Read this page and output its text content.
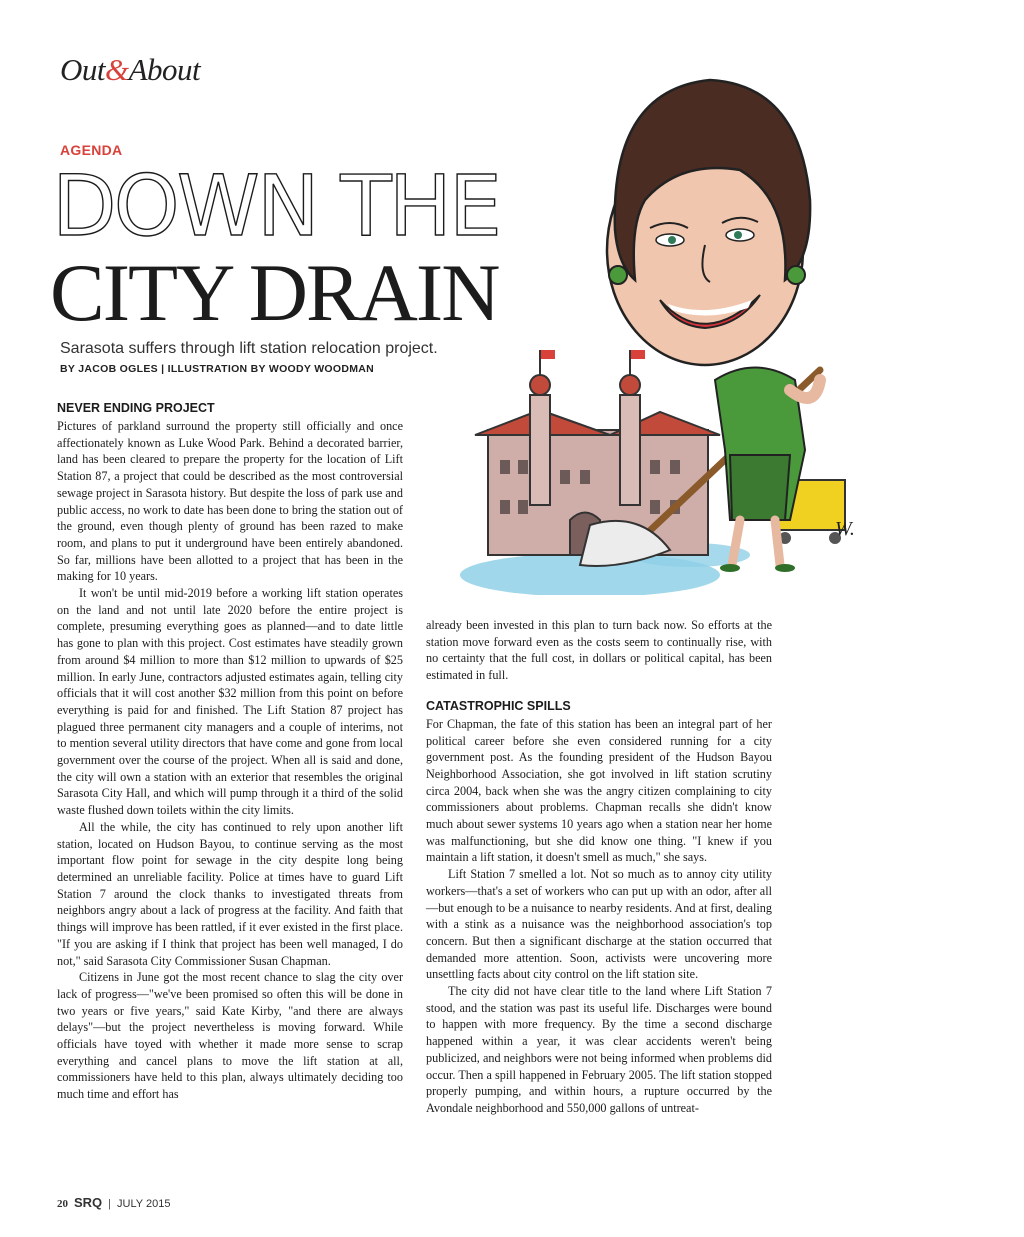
Out&About
AGENDA
DOWN THE
CITY DRAIN
Sarasota suffers through lift station relocation project.
BY JACOB OGLES | ILLUSTRATION BY WOODY WOODMAN
W.
NEVER ENDING PROJECT

Pictures of parkland surround the property still officially and once affectionately known as Luke Wood Park. Behind a decorated barrier, land has been cleared to prepare the property for the location of Lift Station 87, a project that could be described as the most controversial sewage project in Sarasota history. But despite the loss of park use and public access, no work to date has been done to bring the station out of the ground, even though plenty of ground has been razed to make room, and plans to put it underground have been entirely abandoned. So far, millions have been allotted to a project that has been in the making for 10 years.

It won't be until mid-2019 before a working lift station operates on the land and not until late 2020 before the entire project is complete, presuming everything goes as planned—and to date little has gone to plan with this project. Cost estimates have steadily grown from around $4 million to more than $12 million to upwards of $25 million. In early June, contractors adjusted estimates again, telling city officials that it will cost another $32 million from this point on before everything is paid for and finished. The Lift Station 87 project has plagued three permanent city managers and a couple of interims, not to mention several utility directors that have come and gone from local government over the course of the project. When all is said and done, the city will own a station with an exterior that resembles the original Sarasota City Hall, and which will pump through it a third of the solid waste flushed down toilets within the city limits.

All the while, the city has continued to rely upon another lift station, located on Hudson Bayou, to continue serving as the most important flow point for sewage in the city despite long being determined an unreliable facility. Police at times have to guard Lift Station 7 around the clock thanks to investigated threats from neighbors angry about a lack of progress at the facility. And faith that things will improve has been rattled, if it ever existed in the first place. "If you are asking if I think that project has been well managed, I do not," said Sarasota City Commissioner Susan Chapman.

Citizens in June got the most recent chance to slag the city over lack of progress—"we've been promised so often this will be done in two years or five years," said Kate Kirby, "and there are always delays"—but the project nevertheless is moving forward. While officials have toyed with whether it made more sense to scrap everything and cancel plans to move the lift station at all, commissioners have held to this plan, always ultimately deciding too much time and effort has

already been invested in this plan to turn back now. So efforts at the station move forward even as the costs seem to continually rise, with no certainty that the full cost, in dollars or political capital, has been estimated in full.

CATASTROPHIC SPILLS

For Chapman, the fate of this station has been an integral part of her political career before she even considered running for a city government post. As the founding president of the Hudson Bayou Neighborhood Association, she got involved in lift station scrutiny circa 2004, back when she was the angry citizen complaining to city commissioners about problems. Chapman recalls she didn't know much about sewer systems 10 years ago when a station near her home was malfunctioning, but she did know one thing. "I knew if you maintain a lift station, it doesn't smell as much," she says.

Lift Station 7 smelled a lot. Not so much as to annoy city utility workers—that's a set of workers who can put up with an odor, after all—but enough to be a nuisance to nearby residents. And at first, dealing with a stink as a nuisance was the neighborhood association's top concern. But then a significant discharge at the station occurred that demanded more attention. Soon, activists were uncovering more unsettling facts about city control on the lift station site.

The city did not have clear title to the land where Lift Station 7 stood, and the station was past its useful life. Discharges were bound to happen with more frequency. By the time a second discharge happened within a year, it was clear accidents weren't being publicized, and neighbors were not being informed when problems did occur. Then a spill happened in February 2005. The lift station stopped properly pumping, and within hours, a rupture occurred by the Avondale neighborhood and 550,000 gallons of untreat-

20 SRQ | JULY 2015
